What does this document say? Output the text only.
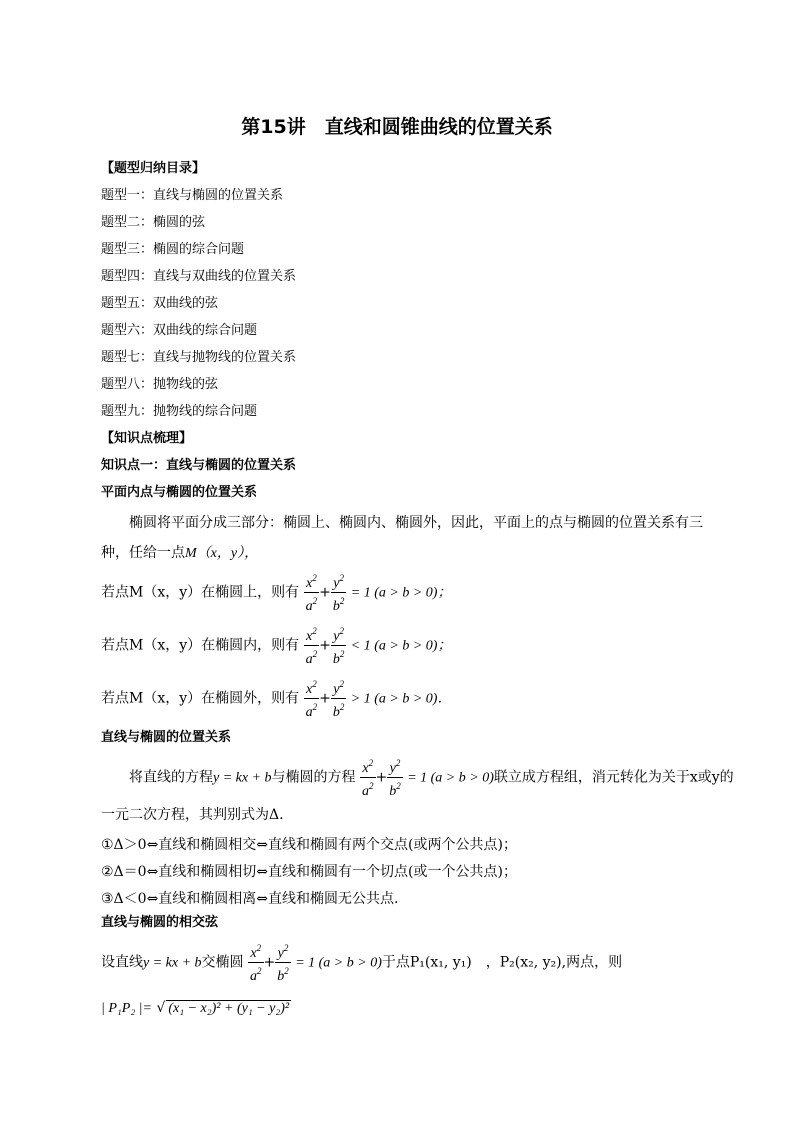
第15讲　直线和圆锥曲线的位置关系
【题型归纳目录】
题型一：直线与椭圆的位置关系
题型二：椭圆的弦
题型三：椭圆的综合问题
题型四：直线与双曲线的位置关系
题型五：双曲线的弦
题型六：双曲线的综合问题
题型七：直线与抛物线的位置关系
题型八：抛物线的弦
题型九：抛物线的综合问题
【知识点梳理】
知识点一：直线与椭圆的位置关系
平面内点与椭圆的位置关系
椭圆将平面分成三部分：椭圆上、椭圆内、椭圆外，因此，平面上的点与椭圆的位置关系有三种，任给一点M（x，y），
若点M（x，y）在椭圆上，则有 $\frac{x^2}{a^2} + \frac{y^2}{b^2} = 1$ (a > b > 0)；
若点M（x，y）在椭圆内，则有 $\frac{x^2}{a^2} + \frac{y^2}{b^2} < 1$ (a > b > 0)；
若点M（x，y）在椭圆外，则有 $\frac{x^2}{a^2} + \frac{y^2}{b^2} > 1$ (a > b > 0)．
直线与椭圆的位置关系
将直线的方程y = kx + b与椭圆的方程 $\frac{x^2}{a^2} + \frac{y^2}{b^2} = 1$ (a > b > 0)联立成方程组，消元转化为关于x或y的
一元二次方程，其判别式为Δ.
①Δ＞0⇔直线和椭圆相交⇔直线和椭圆有两个交点(或两个公共点)；
②Δ＝0⇔直线和椭圆相切⇔直线和椭圆有一个切点(或一个公共点)；
③Δ＜0⇔直线和椭圆相离⇔直线和椭圆无公共点.
直线与椭圆的相交弦
设直线y = kx + b交椭圆 $\frac{x^2}{a^2} + \frac{y^2}{b^2} = 1$ (a > b > 0)于点P₁(x₁, y₁)　，P₂(x₂, y₂),两点，则
| P₁P₂ |= √ (x₁ − x₂)² + (y₁ − y₂)²
